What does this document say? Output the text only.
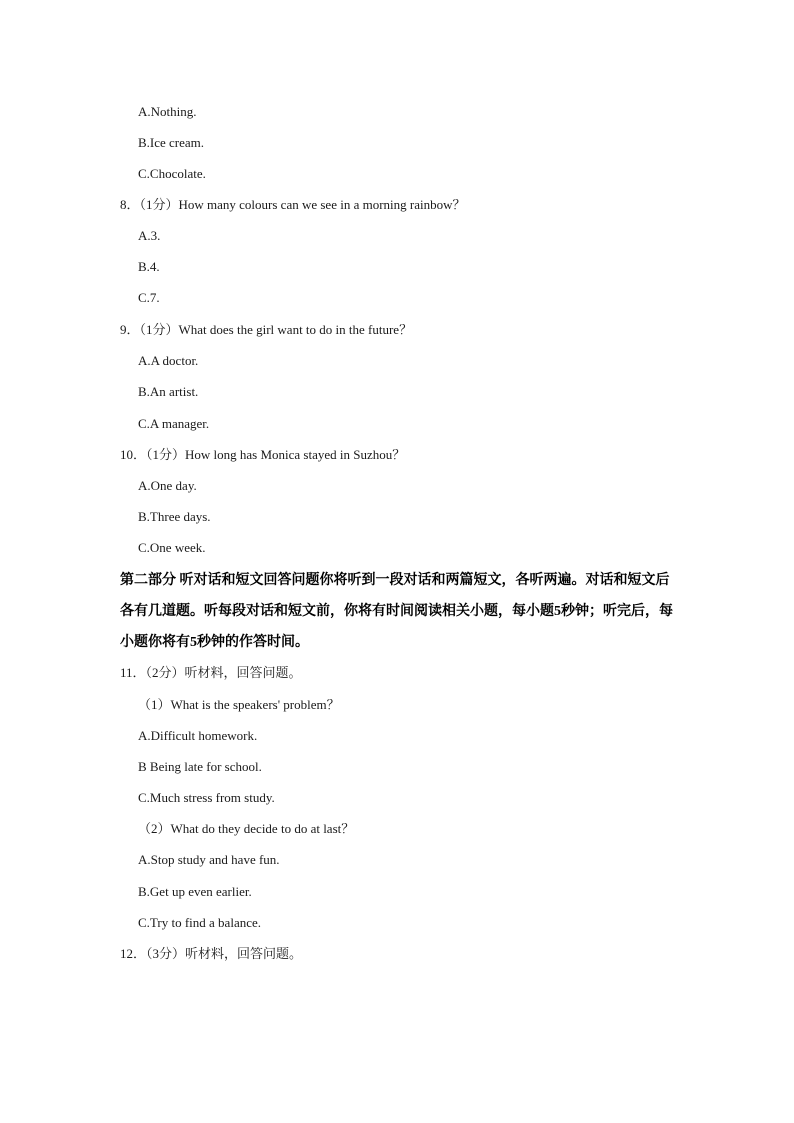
A.Nothing.
B.Ice cream.
C.Chocolate.
8．（1分）How many colours can we see in a morning rainbow？
A.3.
B.4.
C.7.
9．（1分）What does the girl want to do in the future？
A.A doctor.
B.An artist.
C.A manager.
10．（1分）How long has Monica stayed in Suzhou？
A.One day.
B.Three days.
C.One week.
第二部分 听对话和短文回答问题你将听到一段对话和两篇短文，各听两遍。对话和短文后各有几道题。听每段对话和短文前，你将有时间阅读相关小题，每小题5秒钟；听完后，每小题你将有5秒钟的作答时间。
11．（2分）听材料，回答问题。
（1）What is the speakers' problem？
A.Difficult homework.
B Being late for school.
C.Much stress from study.
（2）What do they decide to do at last？
A.Stop study and have fun.
B.Get up even earlier.
C.Try to find a balance.
12．（3分）听材料，回答问题。
